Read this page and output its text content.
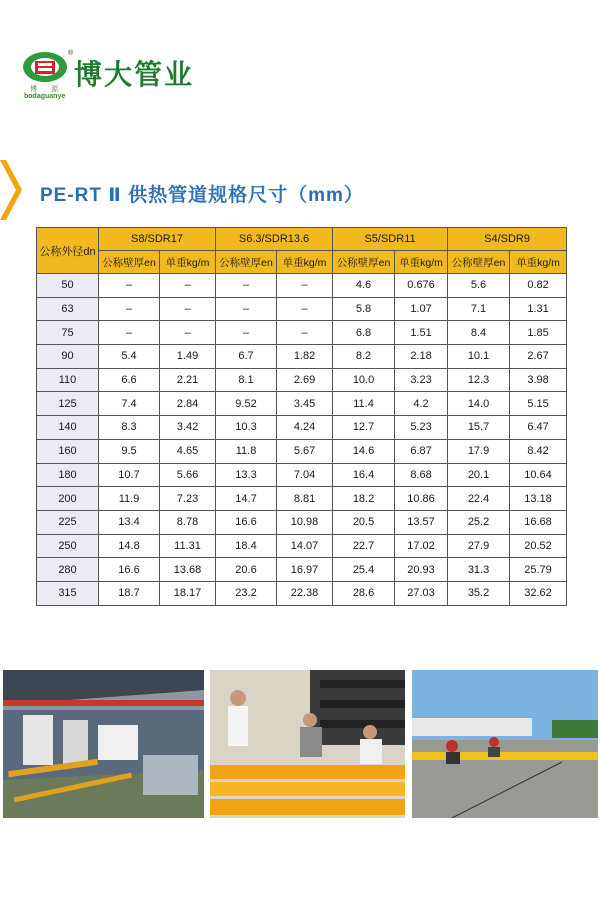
®
博 源
bodaguanye
博大管业
PE-RT Ⅱ 供热管道规格尺寸（mm）
公称外径dn	S8/SDR17		S6.3/SDR13.6		S5/SDR11		S4/SDR9	
	公称壁厚en	单重kg/m	公称壁厚en	单重kg/m	公称壁厚en	单重kg/m	公称壁厚en	单重kg/m
50	–	–	–	–	4.6	0.676	5.6	0.82
63	–	–	–	–	5.8	1.07	7.1	1.31
75	–	–	–	–	6.8	1.51	8.4	1.85
90	5.4	1.49	6.7	1.82	8.2	2.18	10.1	2.67
110	6.6	2.21	8.1	2.69	10.0	3.23	12.3	3.98
125	7.4	2.84	9.52	3.45	11.4	4.2	14.0	5.15
140	8.3	3.42	10.3	4.24	12.7	5.23	15.7	6.47
160	9.5	4.65	11.8	5.67	14.6	6.87	17.9	8.42
180	10.7	5.66	13.3	7.04	16.4	8.68	20.1	10.64
200	11.9	7.23	14.7	8.81	18.2	10.86	22.4	13.18
225	13.4	8.78	16.6	10.98	20.5	13.57	25.2	16.68
250	14.8	11.31	18.4	14.07	22.7	17.02	27.9	20.52
280	16.6	13.68	20.6	16.97	25.4	20.93	31.3	25.79
315	18.7	18.17	23.2	22.38	28.6	27.03	35.2	32.62
